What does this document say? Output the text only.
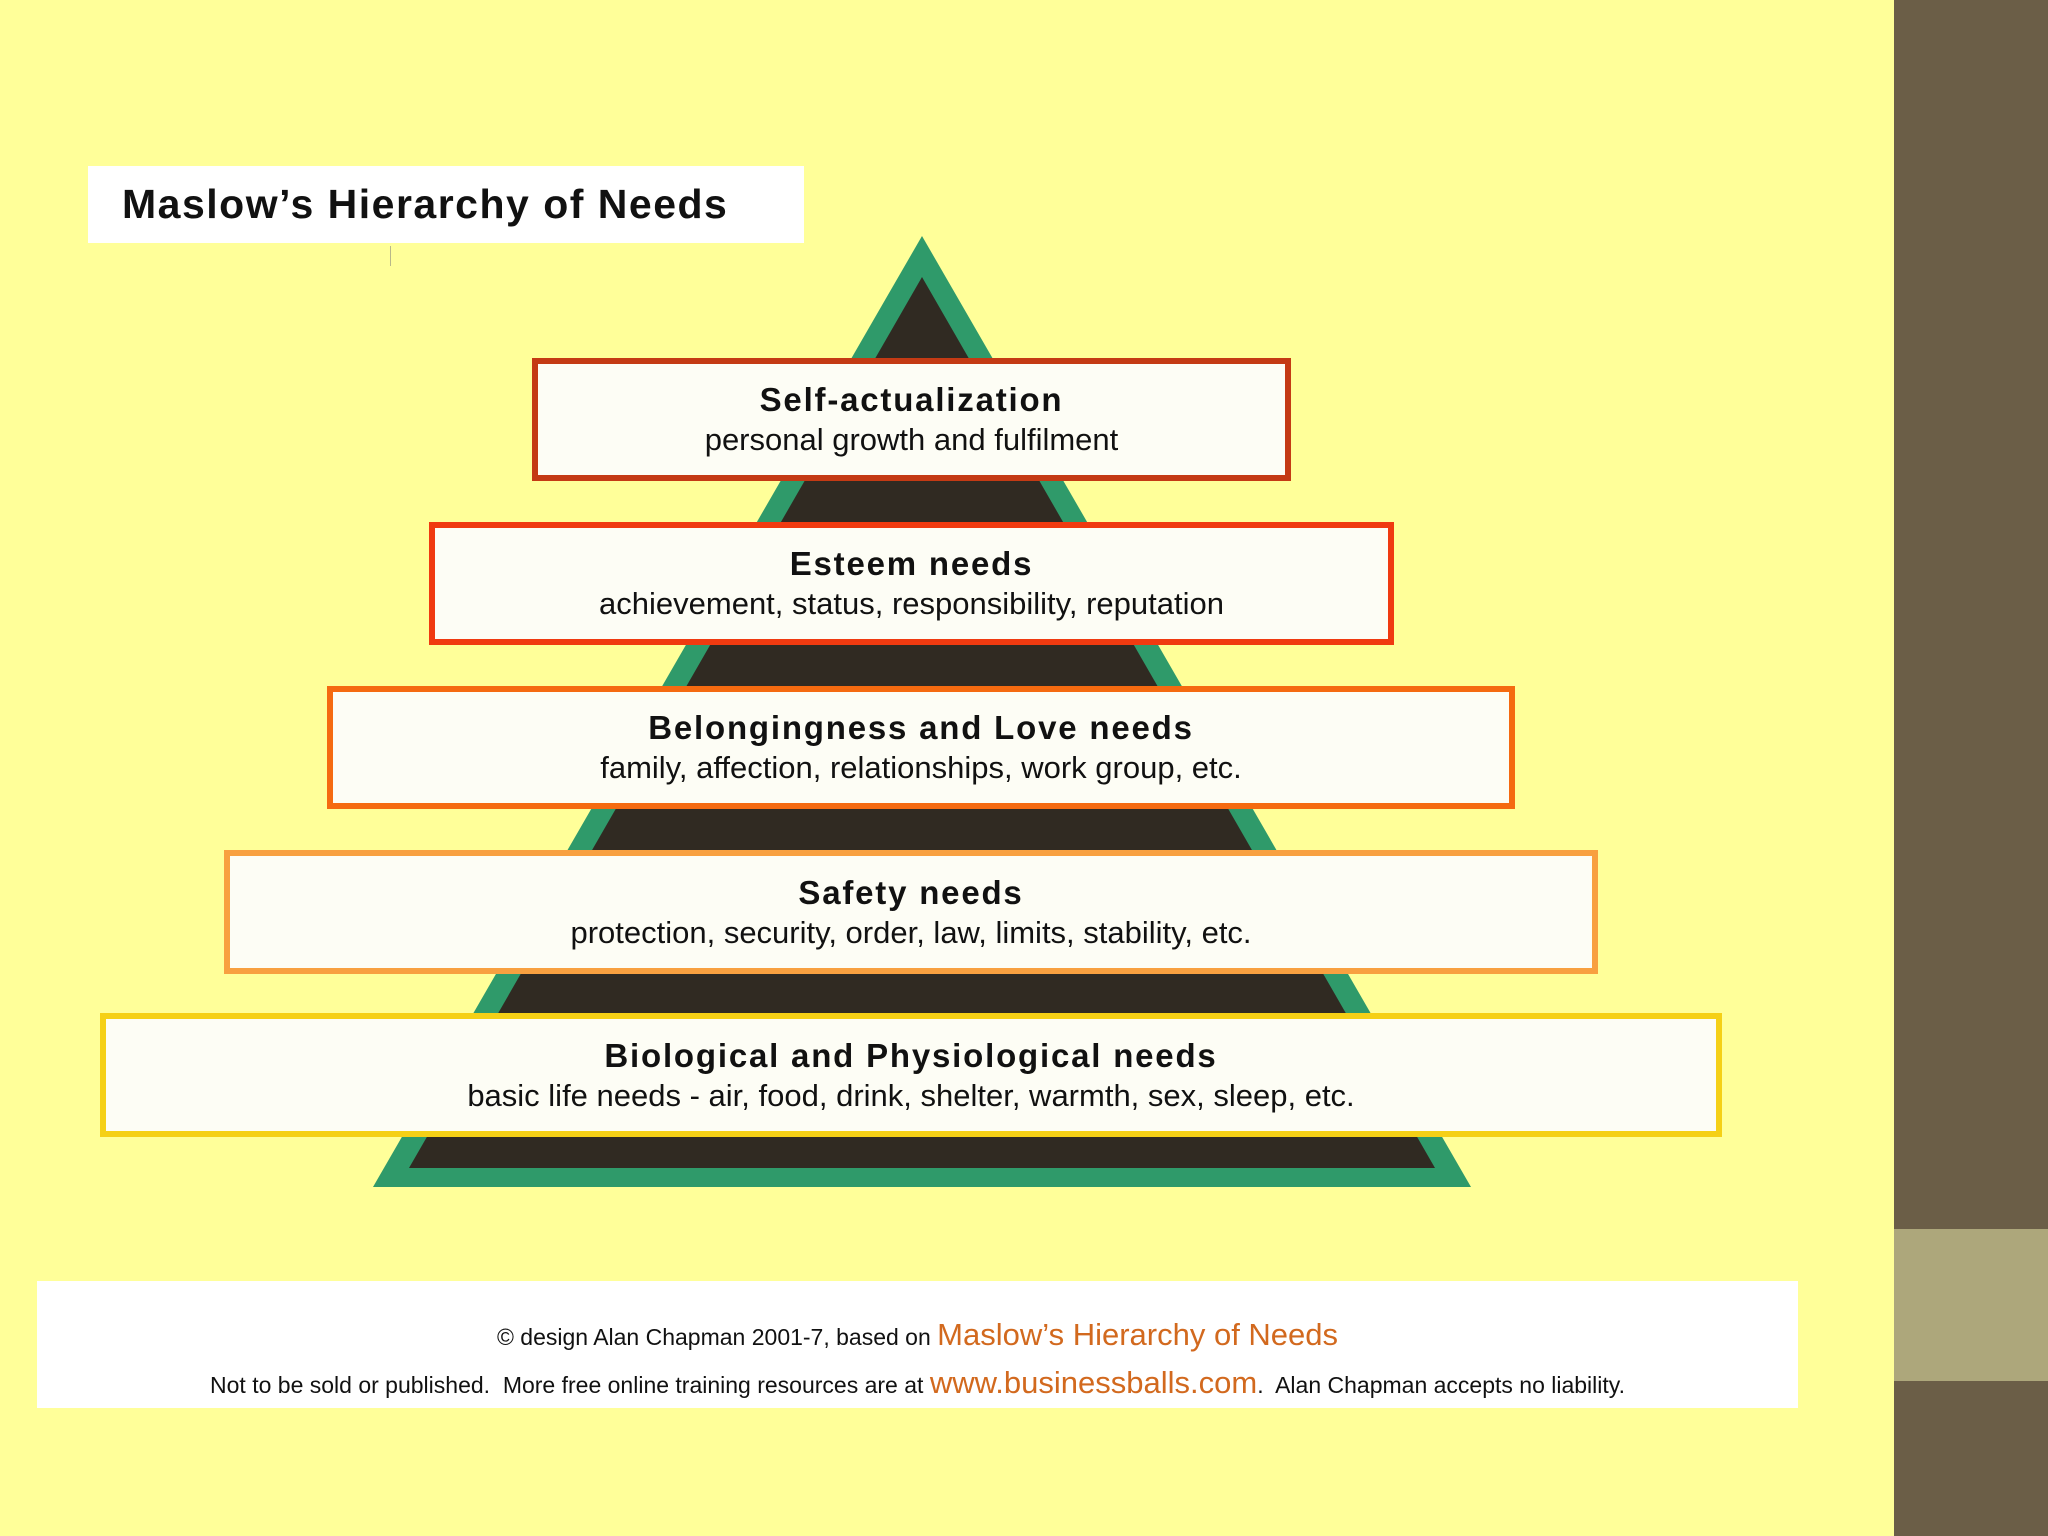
Maslow’s Hierarchy of Needs
Self-actualization
personal growth and fulfilment
Esteem needs
achievement, status, responsibility, reputation
Belongingness and Love needs
family, affection, relationships, work group, etc.
Safety needs
protection, security, order, law, limits, stability, etc.
Biological and Physiological needs
basic life needs - air, food, drink, shelter, warmth, sex, sleep, etc.
© design Alan Chapman 2001-7, based on Maslow’s Hierarchy of Needs
Not to be sold or published.  More free online training resources are at www.businessballs.com.  Alan Chapman accepts no liability.
